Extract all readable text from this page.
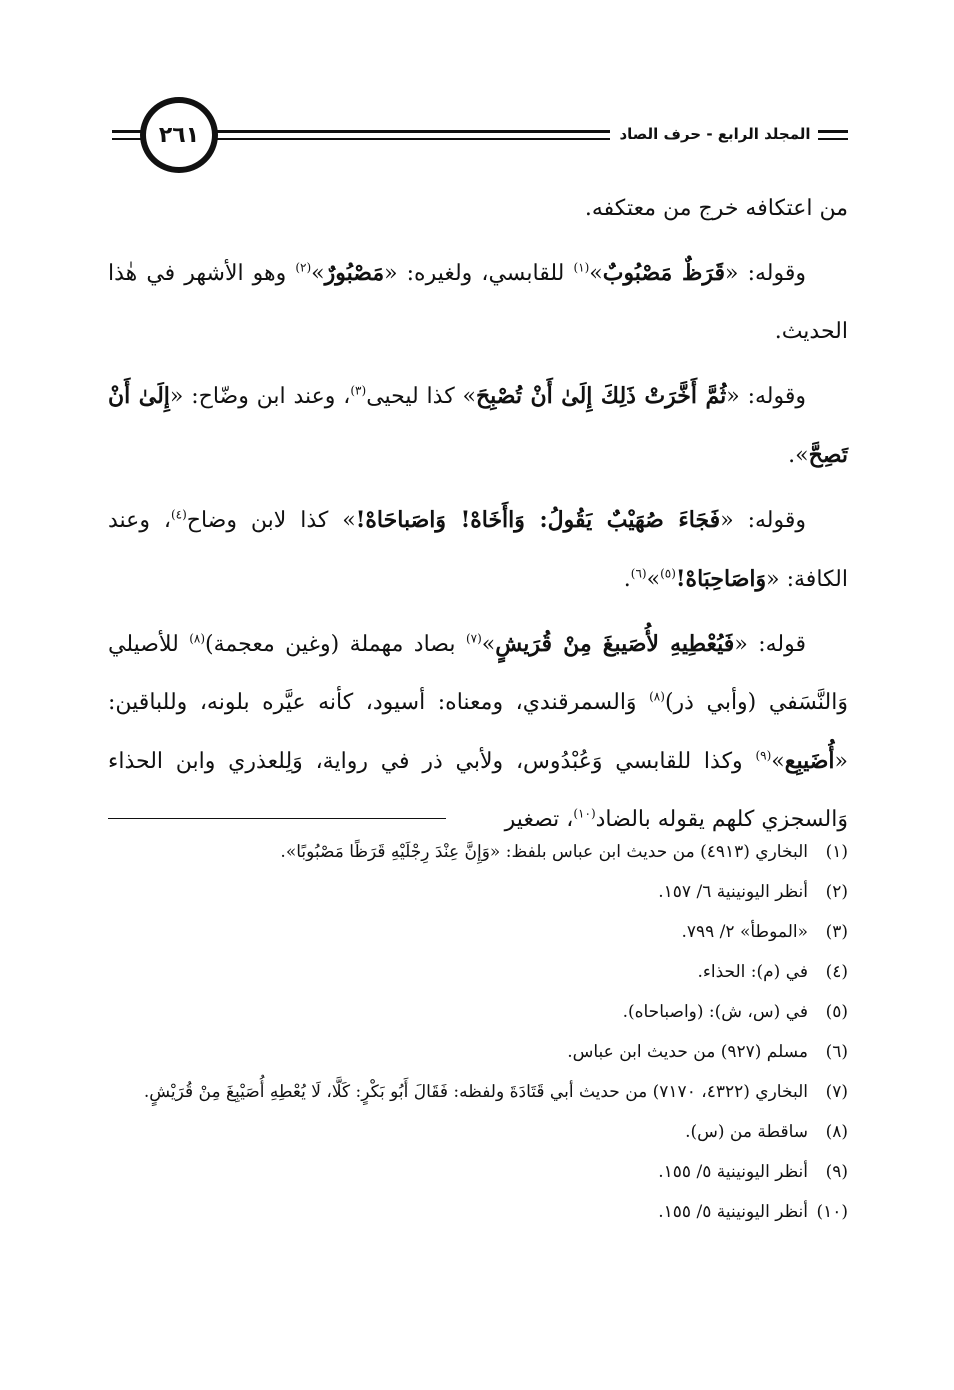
٢٦١	المجلد الرابع - حرف الصاد

من اعتكافه خرج من معتكفه.

وقوله: «قَرَظٌ مَصْبُوبٌ»$^{(١)}$ للقابسي، ولغيره: «مَصْبُورٌ»$^{(٢)}$ وهو الأشهر في هٰذا الحديث.

وقوله: «ثُمَّ أَخَّرَتْ ذَلِكَ إِلَىٰ أَنْ تُصْبِحَ» كذا ليحيى$^{(٣)}$، وعند ابن وضّاح: «إِلَىٰ أَنْ تَصِحَّ».

وقوله: «فَجَاءَ صُهَيْبٌ يَقُولُ: وَاأَخَاهْ! وَاصَباحَاهْ!» كذا لابن وضاح$^{(٤)}$، وعند الكافة: «وَاصَاحِبَاهْ!$^{(٥)}$»$^{(٦)}$.

قوله: «فَيُعْطِيهِ لأُصَيبغَ مِنْ قُرَيشٍ»$^{(٧)}$ بصاد مهملة (وغين معجمة)$^{(٨)}$ للأصيلي وَالنَّسَفي (وأبي ذر)$^{(٨)}$ وَالسمرقندي، ومعناه: أسيود، كأنه عيَّره بلونه، وللباقين: «أُضَيبِع»$^{(٩)}$ وكذا للقابسي وَعُبْدُوس، ولأبي ذر في رواية، وَلِلعذري وابن الحذاء وَالسجزي كلهم يقوله بالضاد$^{(١٠)}$، تصغير

(١)
البخاري (٤٩١٣) من حديث ابن عباس بلفظ: «وَإِنَّ عِنْدَ رِجْلَيْهِ قَرَظًا مَصْبُوبًا».
(٢)
أنظر اليونينية ٦/ ١٥٧.
(٣)
«الموطأ» ٢/ ٧٩٩.
(٤)
في (م): الحذاء.
(٥)
في (س، ش): (واصباحاه).
(٦)
مسلم (٩٢٧) من حديث ابن عباس.
(٧)
البخاري (٤٣٢٢، ٧١٧٠) من حديث أبي قَتَادَةَ ولفظه: فَقَالَ أَبُو بَكْرٍ: كَلَّا، لَا يُعْطِهِ أُصَيْبِغَ مِنْ قُرَيْشٍ.
(٨)
ساقطة من (س).
(٩)
أنظر اليونينية ٥/ ١٥٥.
(١٠)
أنظر اليونينية ٥/ ١٥٥.
